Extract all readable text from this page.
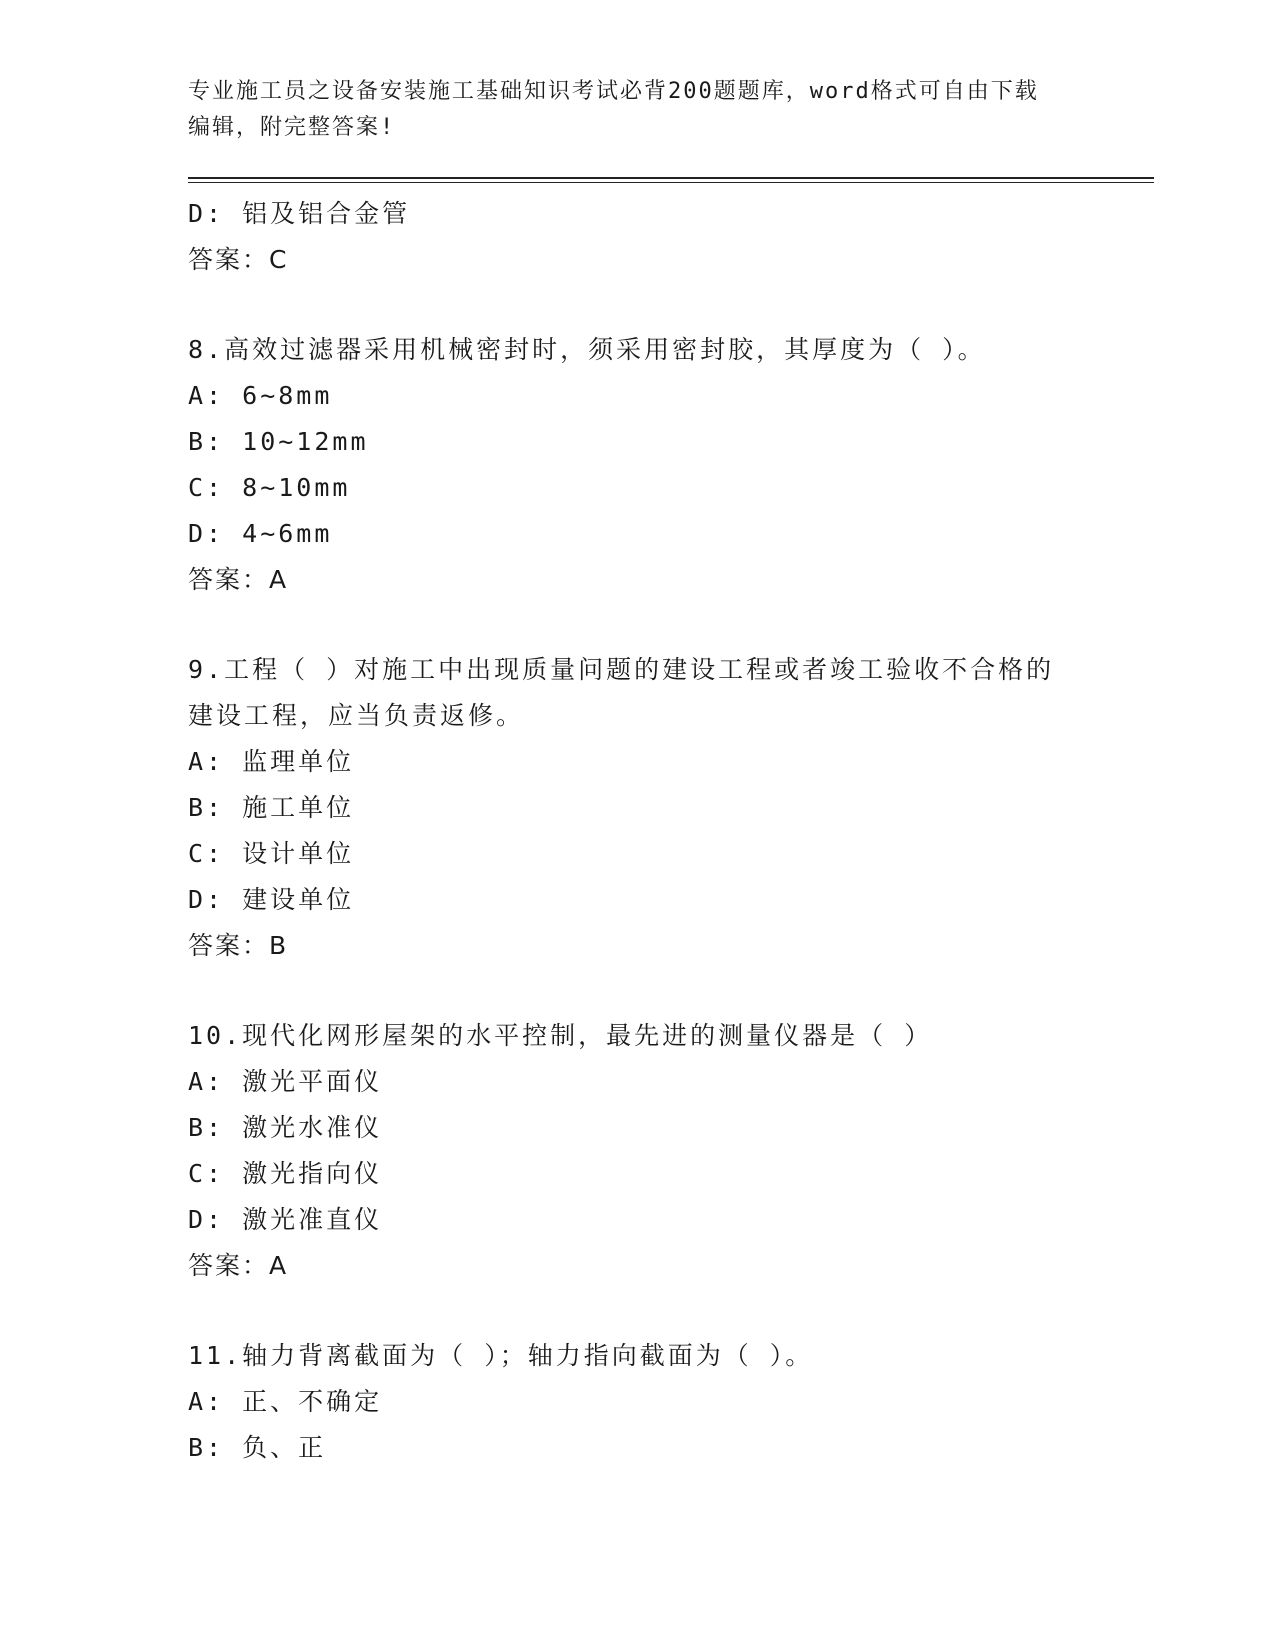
专业施工员之设备安装施工基础知识考试必背200题题库，word格式可自由下载
编辑，附完整答案!
D: 铝及铝合金管
答案：C
8.高效过滤器采用机械密封时，须采用密封胶，其厚度为（ ）。
A: 6~8mm
B: 10~12mm
C: 8~10mm
D: 4~6mm
答案：A
9.工程（ ）对施工中出现质量问题的建设工程或者竣工验收不合格的
建设工程，应当负责返修。
A: 监理单位
B: 施工单位
C: 设计单位
D: 建设单位
答案：B
10.现代化网形屋架的水平控制，最先进的测量仪器是（ ）
A: 激光平面仪
B: 激光水准仪
C: 激光指向仪
D: 激光准直仪
答案：A
11.轴力背离截面为（ ）；轴力指向截面为（ ）。
A: 正、不确定
B: 负、正
